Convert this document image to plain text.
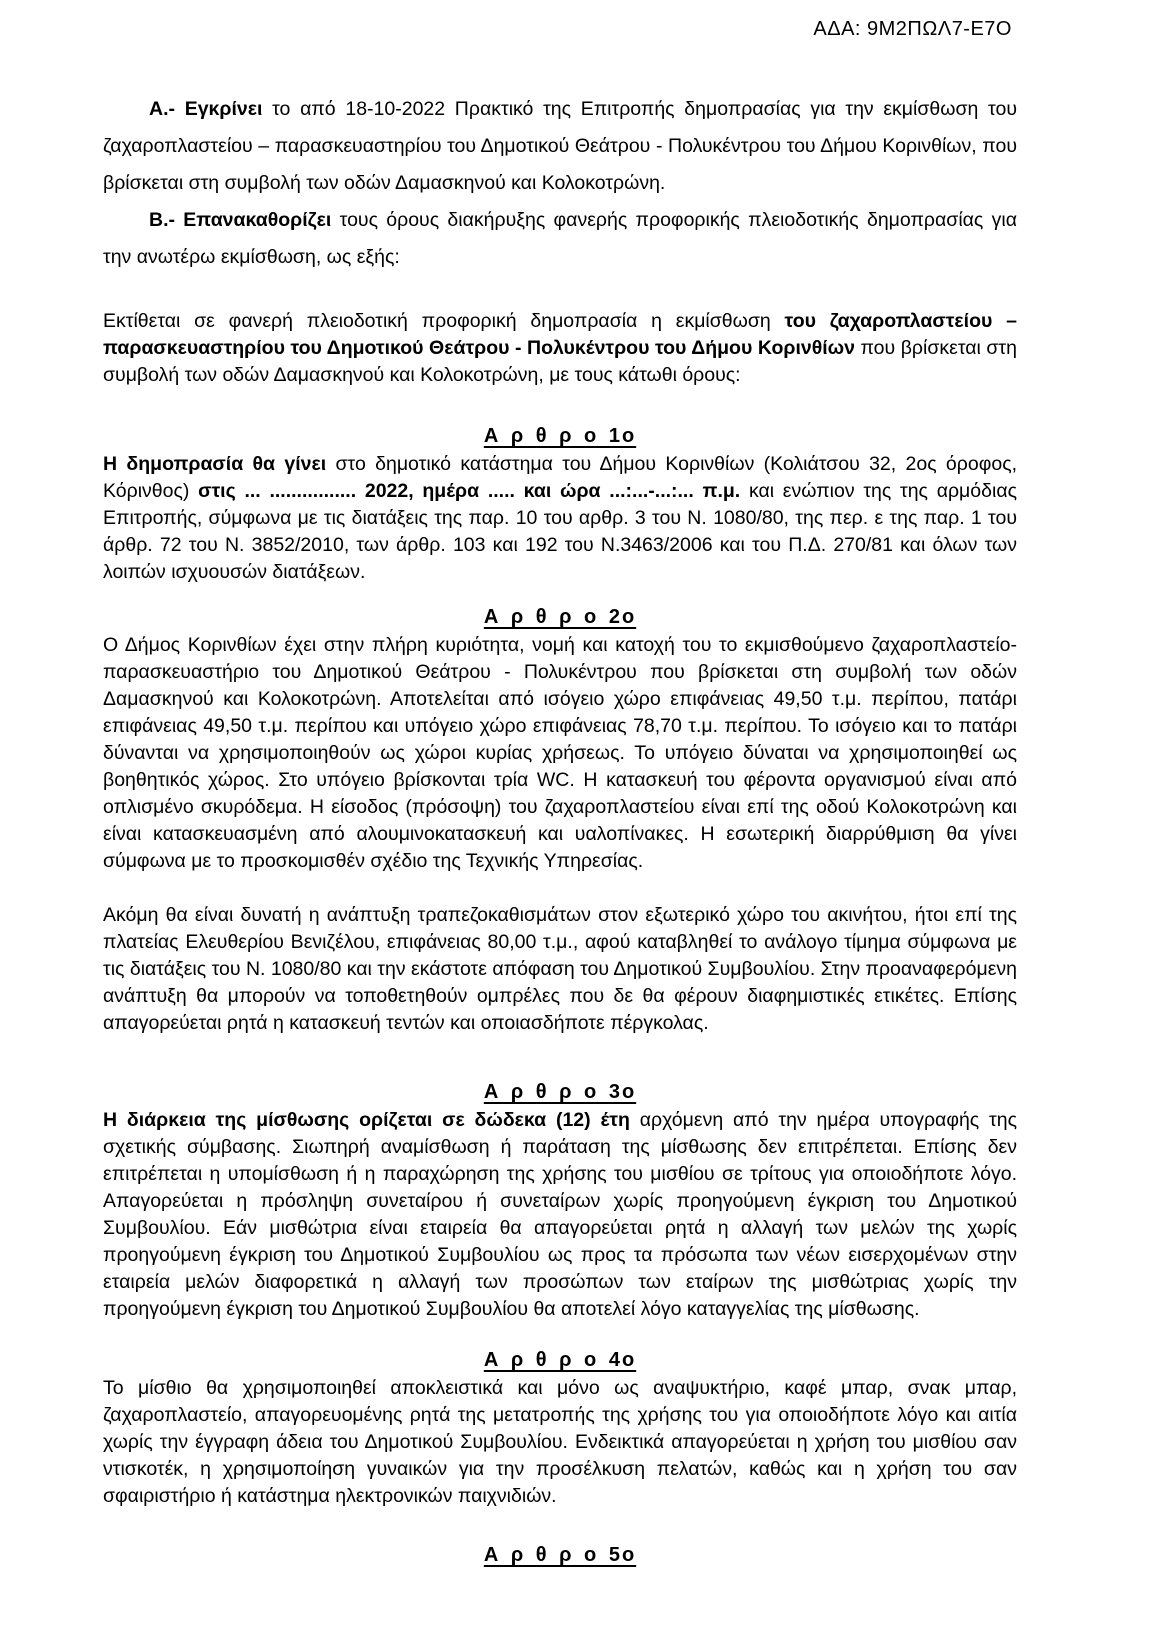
ΑΔΑ: 9Μ2ΠΩΛ7-Ε7Ο

Α.- Εγκρίνει το από 18-10-2022 Πρακτικό της Επιτροπής δημοπρασίας για την εκμίσθωση του ζαχαροπλαστείου – παρασκευαστηρίου του Δημοτικού Θεάτρου - Πολυκέντρου του Δήμου Κορινθίων, που βρίσκεται στη συμβολή των οδών Δαμασκηνού και Κολοκοτρώνη.

Β.- Επανακαθορίζει τους όρους διακήρυξης φανερής προφορικής πλειοδοτικής δημοπρασίας για την ανωτέρω εκμίσθωση, ως εξής:

Εκτίθεται σε φανερή πλειοδοτική προφορική δημοπρασία η εκμίσθωση του ζαχαροπλαστείου – παρασκευαστηρίου του Δημοτικού Θεάτρου - Πολυκέντρου του Δήμου Κορινθίων που βρίσκεται στη συμβολή των οδών Δαμασκηνού και Κολοκοτρώνη, με τους κάτωθι όρους:

Α ρ θ ρ ο 1ο

Η δημοπρασία θα γίνει στο δημοτικό κατάστημα του Δήμου Κορινθίων (Κολιάτσου 32, 2ος όροφος, Κόρινθος) στις ... ................ 2022, ημέρα ..... και ώρα ...:...-...:... π.μ. και ενώπιον της της αρμόδιας Επιτροπής, σύμφωνα με τις διατάξεις της παρ. 10 του αρθρ. 3 του Ν. 1080/80, της περ. ε της παρ. 1 του άρθρ. 72 του Ν. 3852/2010, των άρθρ. 103 και 192 του Ν.3463/2006 και του Π.Δ. 270/81 και όλων των λοιπών ισχυουσών διατάξεων.

Α ρ θ ρ ο 2ο

Ο Δήμος Κορινθίων έχει στην πλήρη κυριότητα, νομή και κατοχή του το εκμισθούμενο ζαχαροπλαστείο-παρασκευαστήριο του Δημοτικού Θεάτρου - Πολυκέντρου που βρίσκεται στη συμβολή των οδών Δαμασκηνού και Κολοκοτρώνη. Αποτελείται από ισόγειο χώρο επιφάνειας 49,50 τ.μ. περίπου, πατάρι επιφάνειας 49,50 τ.μ. περίπου και υπόγειο χώρο επιφάνειας 78,70 τ.μ. περίπου. Το ισόγειο και το πατάρι δύνανται να χρησιμοποιηθούν ως χώροι κυρίας χρήσεως. Το υπόγειο δύναται να χρησιμοποιηθεί ως βοηθητικός χώρος. Στο υπόγειο βρίσκονται τρία WC. Η κατασκευή του φέροντα οργανισμού είναι από οπλισμένο σκυρόδεμα. Η είσοδος (πρόσοψη) του ζαχαροπλαστείου είναι επί της οδού Κολοκοτρώνη και είναι κατασκευασμένη από αλουμινοκατασκευή και υαλοπίνακες. Η εσωτερική διαρρύθμιση θα γίνει σύμφωνα με το προσκομισθέν σχέδιο της Τεχνικής Υπηρεσίας.

Ακόμη θα είναι δυνατή η ανάπτυξη τραπεζοκαθισμάτων στον εξωτερικό χώρο του ακινήτου, ήτοι επί της πλατείας Ελευθερίου Βενιζέλου, επιφάνειας 80,00 τ.μ., αφού καταβληθεί το ανάλογο τίμημα σύμφωνα με τις διατάξεις του Ν. 1080/80 και την εκάστοτε απόφαση του Δημοτικού Συμβουλίου. Στην προαναφερόμενη ανάπτυξη θα μπορούν να τοποθετηθούν ομπρέλες που δε θα φέρουν διαφημιστικές ετικέτες. Επίσης απαγορεύεται ρητά η κατασκευή τεντών και οποιασδήποτε πέργκολας.

Α ρ θ ρ ο 3ο

Η διάρκεια της μίσθωσης ορίζεται σε δώδεκα (12) έτη αρχόμενη από την ημέρα υπογραφής της σχετικής σύμβασης. Σιωπηρή αναμίσθωση ή παράταση της μίσθωσης δεν επιτρέπεται. Επίσης δεν επιτρέπεται η υπομίσθωση ή η παραχώρηση της χρήσης του μισθίου σε τρίτους για οποιοδήποτε λόγο. Απαγορεύεται η πρόσληψη συνεταίρου ή συνεταίρων χωρίς προηγούμενη έγκριση του Δημοτικού Συμβουλίου. Εάν μισθώτρια είναι εταιρεία θα απαγορεύεται ρητά η αλλαγή των μελών της χωρίς προηγούμενη έγκριση του Δημοτικού Συμβουλίου ως προς τα πρόσωπα των νέων εισερχομένων στην εταιρεία μελών διαφορετικά η αλλαγή των προσώπων των εταίρων της μισθώτριας χωρίς την προηγούμενη έγκριση του Δημοτικού Συμβουλίου θα αποτελεί λόγο καταγγελίας της μίσθωσης.

Α ρ θ ρ ο 4ο

Το μίσθιο θα χρησιμοποιηθεί αποκλειστικά και μόνο ως αναψυκτήριο, καφέ μπαρ, σνακ μπαρ, ζαχαροπλαστείο, απαγορευομένης ρητά της μετατροπής της χρήσης του για οποιοδήποτε λόγο και αιτία χωρίς την έγγραφη άδεια του Δημοτικού Συμβουλίου. Ενδεικτικά απαγορεύεται η χρήση του μισθίου σαν ντισκοτέκ, η χρησιμοποίηση γυναικών για την προσέλκυση πελατών, καθώς και η χρήση του σαν σφαιριστήριο ή κατάστημα ηλεκτρονικών παιχνιδιών.

Α ρ θ ρ ο 5ο
